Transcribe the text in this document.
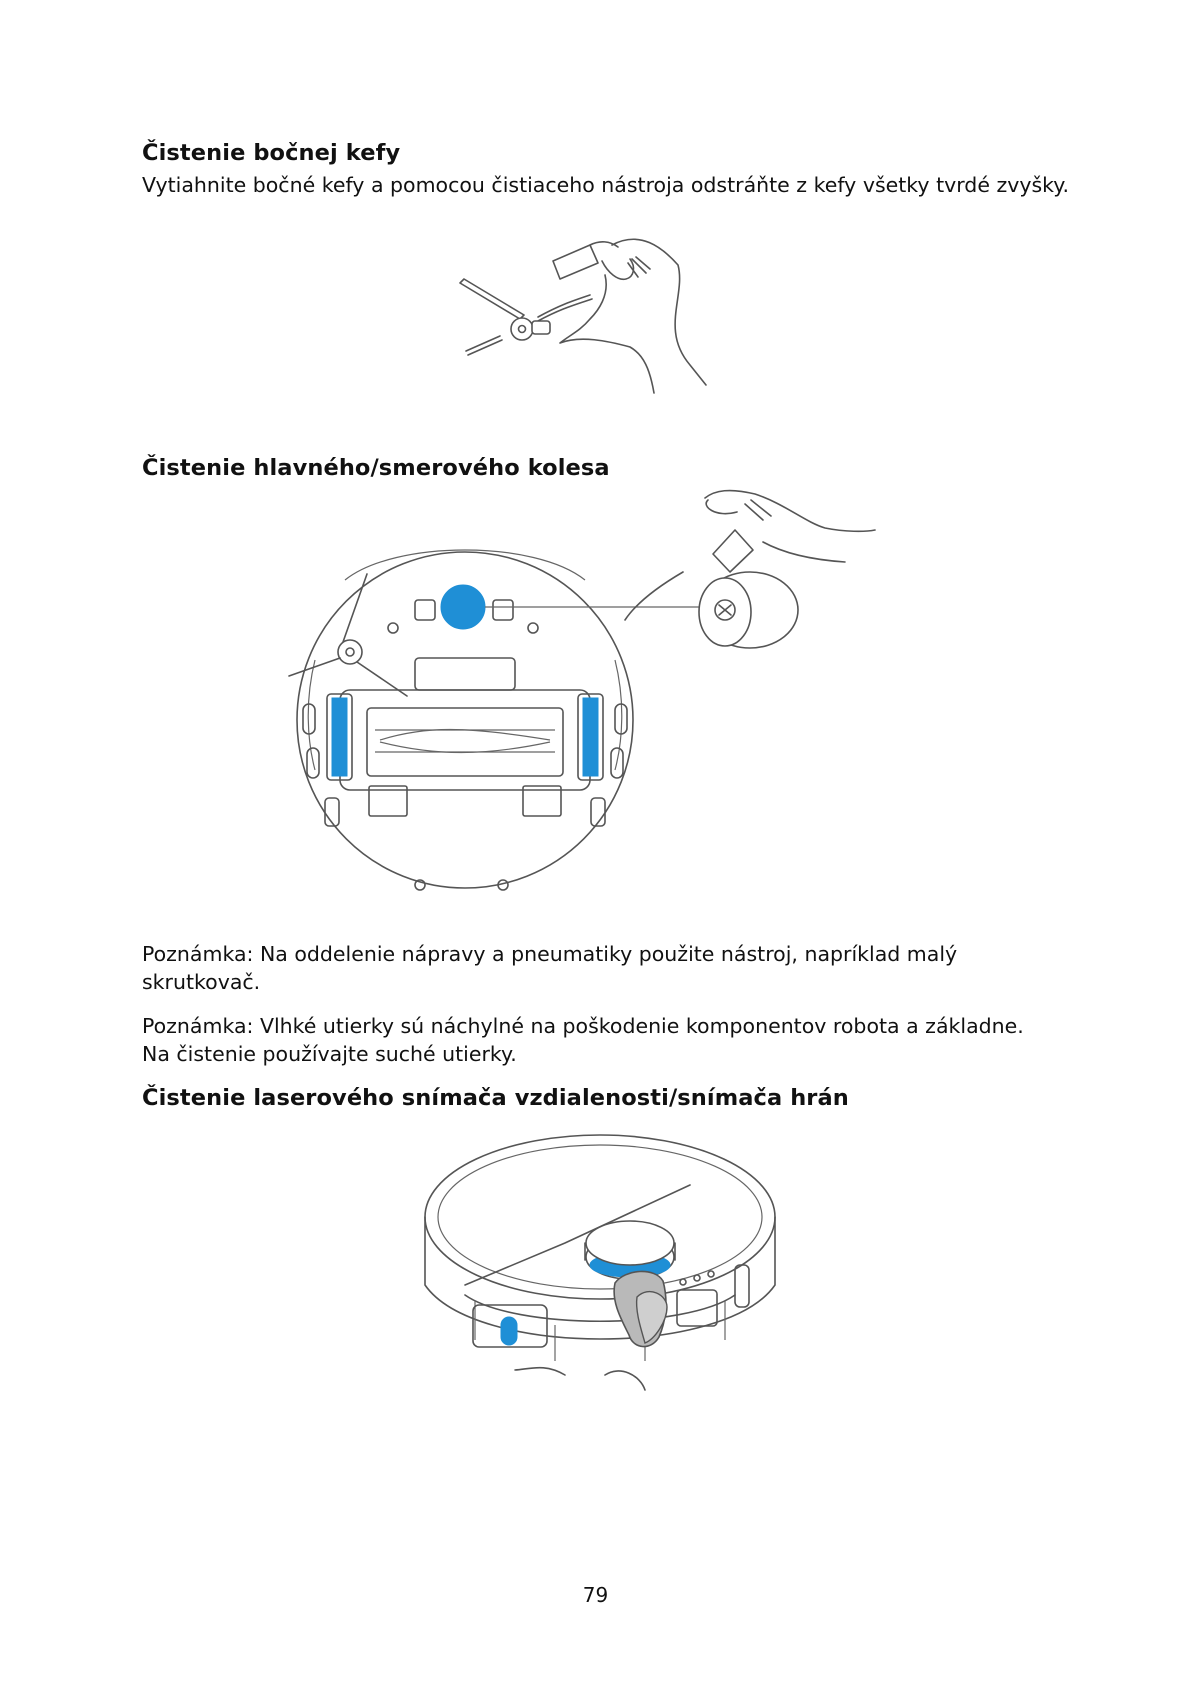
Čistenie bočnej kefy
Vytiahnite bočné kefy a pomocou čistiaceho nástroja odstráňte z kefy všetky tvrdé zvyšky.
Čistenie hlavného/smerového kolesa
Poznámka: Na oddelenie nápravy a pneumatiky použite nástroj, napríklad malý skrutkovač.
Poznámka: Vlhké utierky sú náchylné na poškodenie komponentov robota a základne. Na čistenie používajte suché utierky.
Čistenie laserového snímača vzdialenosti/snímača hrán
79
